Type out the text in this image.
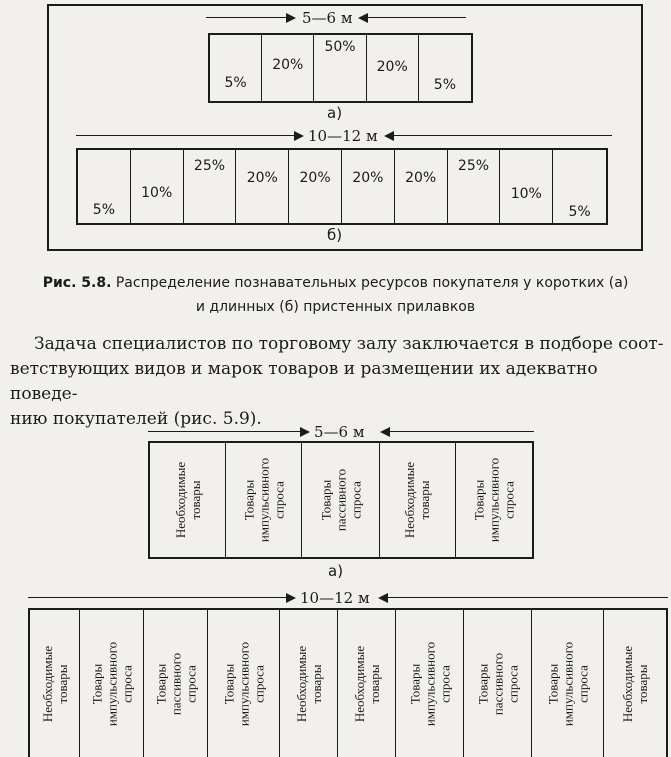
5—6 м
5%
20%
50%
20%
5%
а)
10—12 м
5%
10%
25%
20%	20%	20%	20%
25%
10%
5%
б)
Рис. 5.8. Распределение познавательных ресурсов покупателя у коротких (а)
и длинных (б) пристенных прилавков
Задача специалистов по торговому залу заключается в подборе соот-
ветствующих видов и марок товаров и размещении их адекватно поведе-
нию покупателей (рис. 5.9).
5—6 м
Необходимые
товары	Товары
импульсивного
спроса Товары
пассивного
спроса	Необходимые
товары	Товары
импульсивного
спроса
а)
10—12 м
Необходимые
товары Товары
импульсивного
спроса Товары
пассивного
спроса Товары
импульсивного
спроса Необходимые
товары Необходимые
товары Товары
импульсивного
спроса Товары
пассивного
спроса Товары
импульсивного
спроса Необходимые
товары
